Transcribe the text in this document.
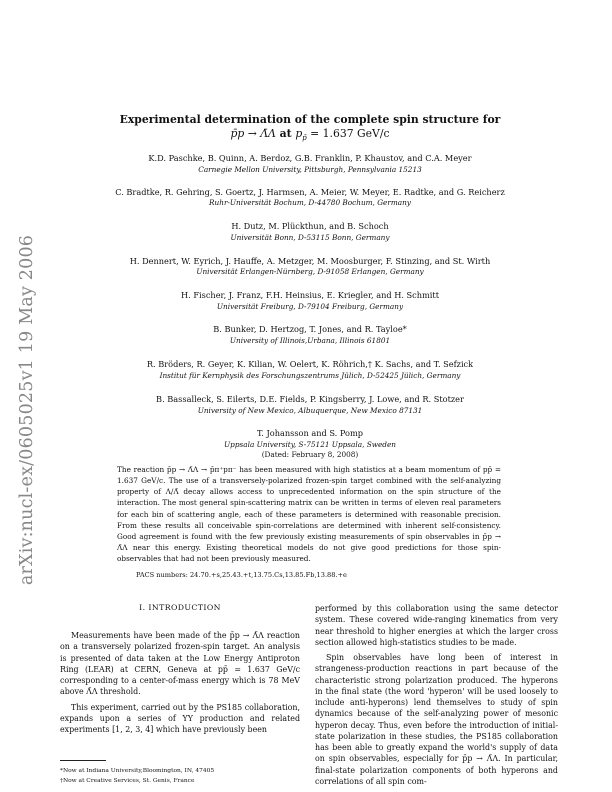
arXiv:nucl-ex/0605025v1 19 May 2006
Experimental determination of the complete spin structure for
p̄p → Λ̄Λ at $p_{p̄} = 1.637$ GeV/c
K.D. Paschke, B. Quinn, A. Berdoz, G.B. Franklin, P. Khaustov, and C.A. Meyer
Carnegie Mellon University, Pittsburgh, Pennsylvania 15213
C. Bradtke, R. Gehring, S. Goertz, J. Harmsen, A. Meier, W. Meyer, E. Radtke, and G. Reicherz
Ruhr-Universität Bochum, D-44780 Bochum, Germany
H. Dutz, M. Plückthun, and B. Schoch
Universität Bonn, D-53115 Bonn, Germany
H. Dennert, W. Eyrich, J. Hauffe, A. Metzger, M. Moosburger, F. Stinzing, and St. Wirth
Universität Erlangen-Nürnberg, D-91058 Erlangen, Germany
H. Fischer, J. Franz, F.H. Heinsius, E. Kriegler, and H. Schmitt
Universität Freiburg, D-79104 Freiburg, Germany
B. Bunker, D. Hertzog, T. Jones, and R. Tayloe*
University of Illinois,Urbana, Illinois 61801
R. Bröders, R. Geyer, K. Kilian, W. Oelert, K. Röhrich,† K. Sachs, and T. Sefzick
Institut für Kernphysik des Forschungszentrums Jülich, D-52425 Jülich, Germany
B. Bassalleck, S. Eilerts, D.E. Fields, P. Kingsberry, J. Lowe, and R. Stotzer
University of New Mexico, Albuquerque, New Mexico 87131
T. Johansson and S. Pomp
Uppsala University, S-75121 Uppsala, Sweden
(Dated: February 8, 2008)

The reaction p̄p → Λ̄Λ → p̄π⁺pπ⁻ has been measured with high statistics at a beam momentum of pp̄ = 1.637 GeV/c. The use of a transversely-polarized frozen-spin target combined with the self-analyzing property of Λ/Λ̄ decay allows access to unprecedented information on the spin structure of the interaction. The most general spin-scattering matrix can be written in terms of eleven real parameters for each bin of scattering angle, each of these parameters is determined with reasonable precision. From these results all conceivable spin-correlations are determined with inherent self-consistency. Good agreement is found with the few previously existing measurements of spin observables in p̄p → Λ̄Λ near this energy. Existing theoretical models do not give good predictions for those spin-observables that had not been previously measured.

PACS numbers: 24.70.+s,25.43.+t,13.75.Cs,13.85.Fb,13.88.+e
I. INTRODUCTION

Measurements have been made of the p̄p → Λ̄Λ reaction on a transversely polarized frozen-spin target. An analysis is presented of data taken at the Low Energy Antiproton Ring (LEAR) at CERN, Geneva at pp̄ = 1.637 GeV/c corresponding to a center-of-mass energy which is 78 MeV above Λ̄Λ threshold.

This experiment, carried out by the PS185 collaboration, expands upon a series of YY production and related experiments [1, 2, 3, 4] which have previously been

performed by this collaboration using the same detector system. These covered wide-ranging kinematics from very near threshold to higher energies at which the larger cross section allowed high-statistics studies to be made.

Spin observables have long been of interest in strangeness-production reactions in part because of the characteristic strong polarization produced. The hyperons in the final state (the word 'hyperon' will be used loosely to include anti-hyperons) lend themselves to study of spin dynamics because of the self-analyzing power of mesonic hyperon decay. Thus, even before the introduction of initial-state polarization in these studies, the PS185 collaboration has been able to greatly expand the world's supply of data on spin observables, especially for p̄p → Λ̄Λ. In particular, final-state polarization components of both hyperons and correlations of all spin com-

*Now at Indiana University,Bloomington, IN, 47405
†Now at Creative Services, St. Genis, France
